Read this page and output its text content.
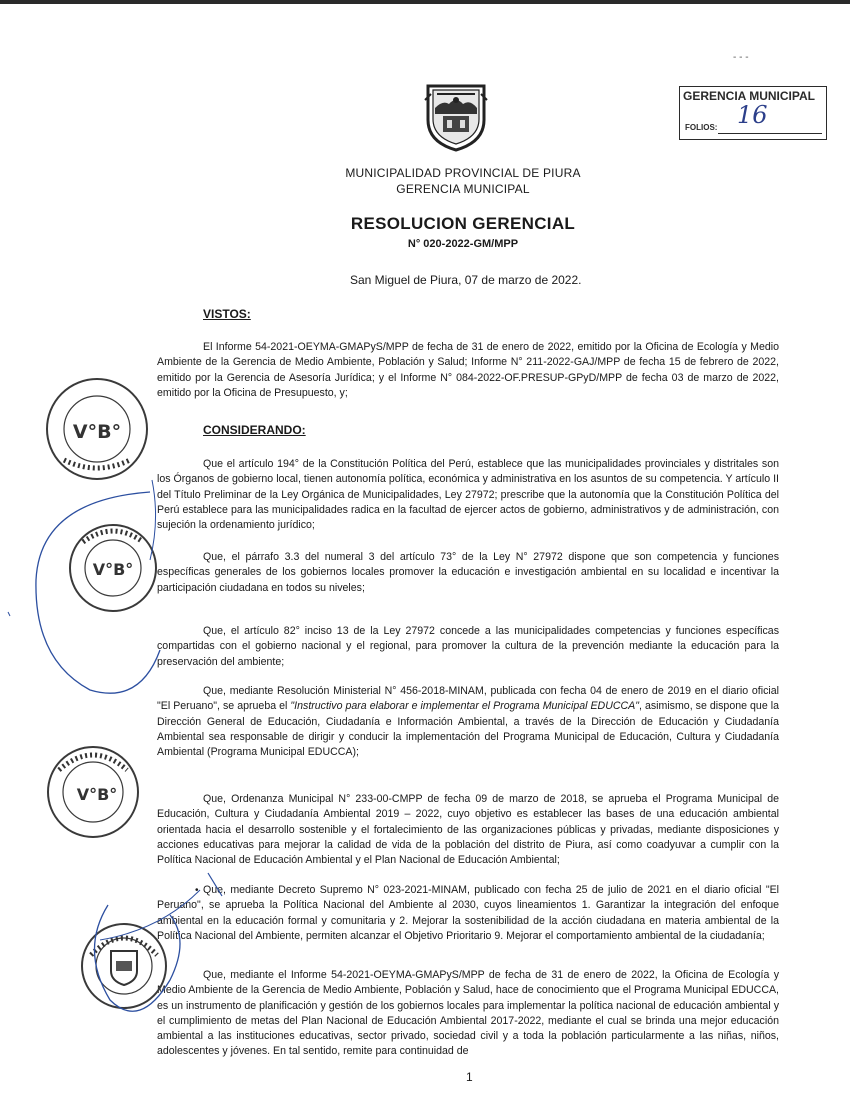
- - -
MUNICIPALIDAD PROVINCIAL DE PIURA
GERENCIA MUNICIPAL
RESOLUCION GERENCIAL
N° 020-2022-GM/MPP
San Miguel de Piura, 07 de marzo de 2022.
GERENCIA MUNICIPAL
FOLIOS: 16
VISTOS:

El Informe 54-2021-OEYMA-GMAPyS/MPP de fecha de 31 de enero de 2022, emitido por la Oficina de Ecología y Medio Ambiente de la Gerencia de Medio Ambiente, Población y Salud; Informe N° 211-2022-GAJ/MPP de fecha 15 de febrero de 2022, emitido por la Gerencia de Asesoría Jurídica; y el Informe N° 084-2022-OF.PRESUP-GPyD/MPP de fecha 03 de marzo de 2022, emitido por la Oficina de Presupuesto, y;

CONSIDERANDO:

Que el artículo 194° de la Constitución Política del Perú, establece que las municipalidades provinciales y distritales son los Órganos de gobierno local, tienen autonomía política, económica y administrativa en los asuntos de su competencia. Y artículo II del Título Preliminar de la Ley Orgánica de Municipalidades, Ley 27972; prescribe que la autonomía que la Constitución Política del Perú establece para las municipalidades radica en la facultad de ejercer actos de gobierno, administrativos y de administración, con sujeción la ordenamiento jurídico;

Que, el párrafo 3.3 del numeral 3 del artículo 73° de la Ley N° 27972 dispone que son competencia y funciones específicas generales de los gobiernos locales promover la educación e investigación ambiental en su localidad e incentivar la participación ciudadana en todos su niveles;

Que, el artículo 82° inciso 13 de la Ley 27972 concede a las municipalidades competencias y funciones específicas compartidas con el gobierno nacional y el regional, para promover la cultura de la prevención mediante la educación para la preservación del ambiente;

Que, mediante Resolución Ministerial N° 456-2018-MINAM, publicada con fecha 04 de enero de 2019 en el diario oficial "El Peruano", se aprueba el "Instructivo para elaborar e implementar el Programa Municipal EDUCCA", asimismo, se dispone que la Dirección General de Educación, Ciudadanía e Información Ambiental, a través de la Dirección de Educación y Ciudadanía Ambiental sea responsable de dirigir y conducir la implementación del Programa Municipal de Educación, Cultura y Ciudadanía Ambiental (Programa Municipal EDUCCA);

Que, Ordenanza Municipal N° 233-00-CMPP de fecha 09 de marzo de 2018, se aprueba el Programa Municipal de Educación, Cultura y Ciudadanía Ambiental 2019 – 2022, cuyo objetivo es establecer las bases de una educación ambiental orientada hacia el desarrollo sostenible y el fortalecimiento de las organizaciones públicas y privadas, mediante disposiciones y acciones educativas para mejorar la calidad de vida de la población del distrito de Piura, así como coadyuvar a cumplir con la Política Nacional de Educación Ambiental y el Plan Nacional de Educación Ambiental;

• Que, mediante Decreto Supremo N° 023-2021-MINAM, publicado con fecha 25 de julio de 2021 en el diario oficial "El Peruano", se aprueba la Política Nacional del Ambiente al 2030, cuyos lineamientos 1. Garantizar la integración del enfoque ambiental en la educación formal y comunitaria y 2. Mejorar la sostenibilidad de la acción ciudadana en materia ambiental de la Política Nacional del Ambiente, permiten alcanzar el Objetivo Prioritario 9. Mejorar el comportamiento ambiental de la ciudadanía;

Que, mediante el Informe 54-2021-OEYMA-GMAPyS/MPP de fecha de 31 de enero de 2022, la Oficina de Ecología y Medio Ambiente de la Gerencia de Medio Ambiente, Población y Salud, hace de conocimiento que el Programa Municipal EDUCCA, es un instrumento de planificación y gestión de los gobiernos locales para implementar la política nacional de educación ambiental y el cumplimiento de metas del Plan Nacional de Educación Ambiental 2017-2022, mediante el cual se brinda una mejor educación ambiental a las instituciones educativas, sector privado, sociedad civil y a toda la población particularmente a las niñas, niños, adolescentes y jóvenes. En tal sentido, remite para continuidad de

1
V°B°
V°B°
V°B°
